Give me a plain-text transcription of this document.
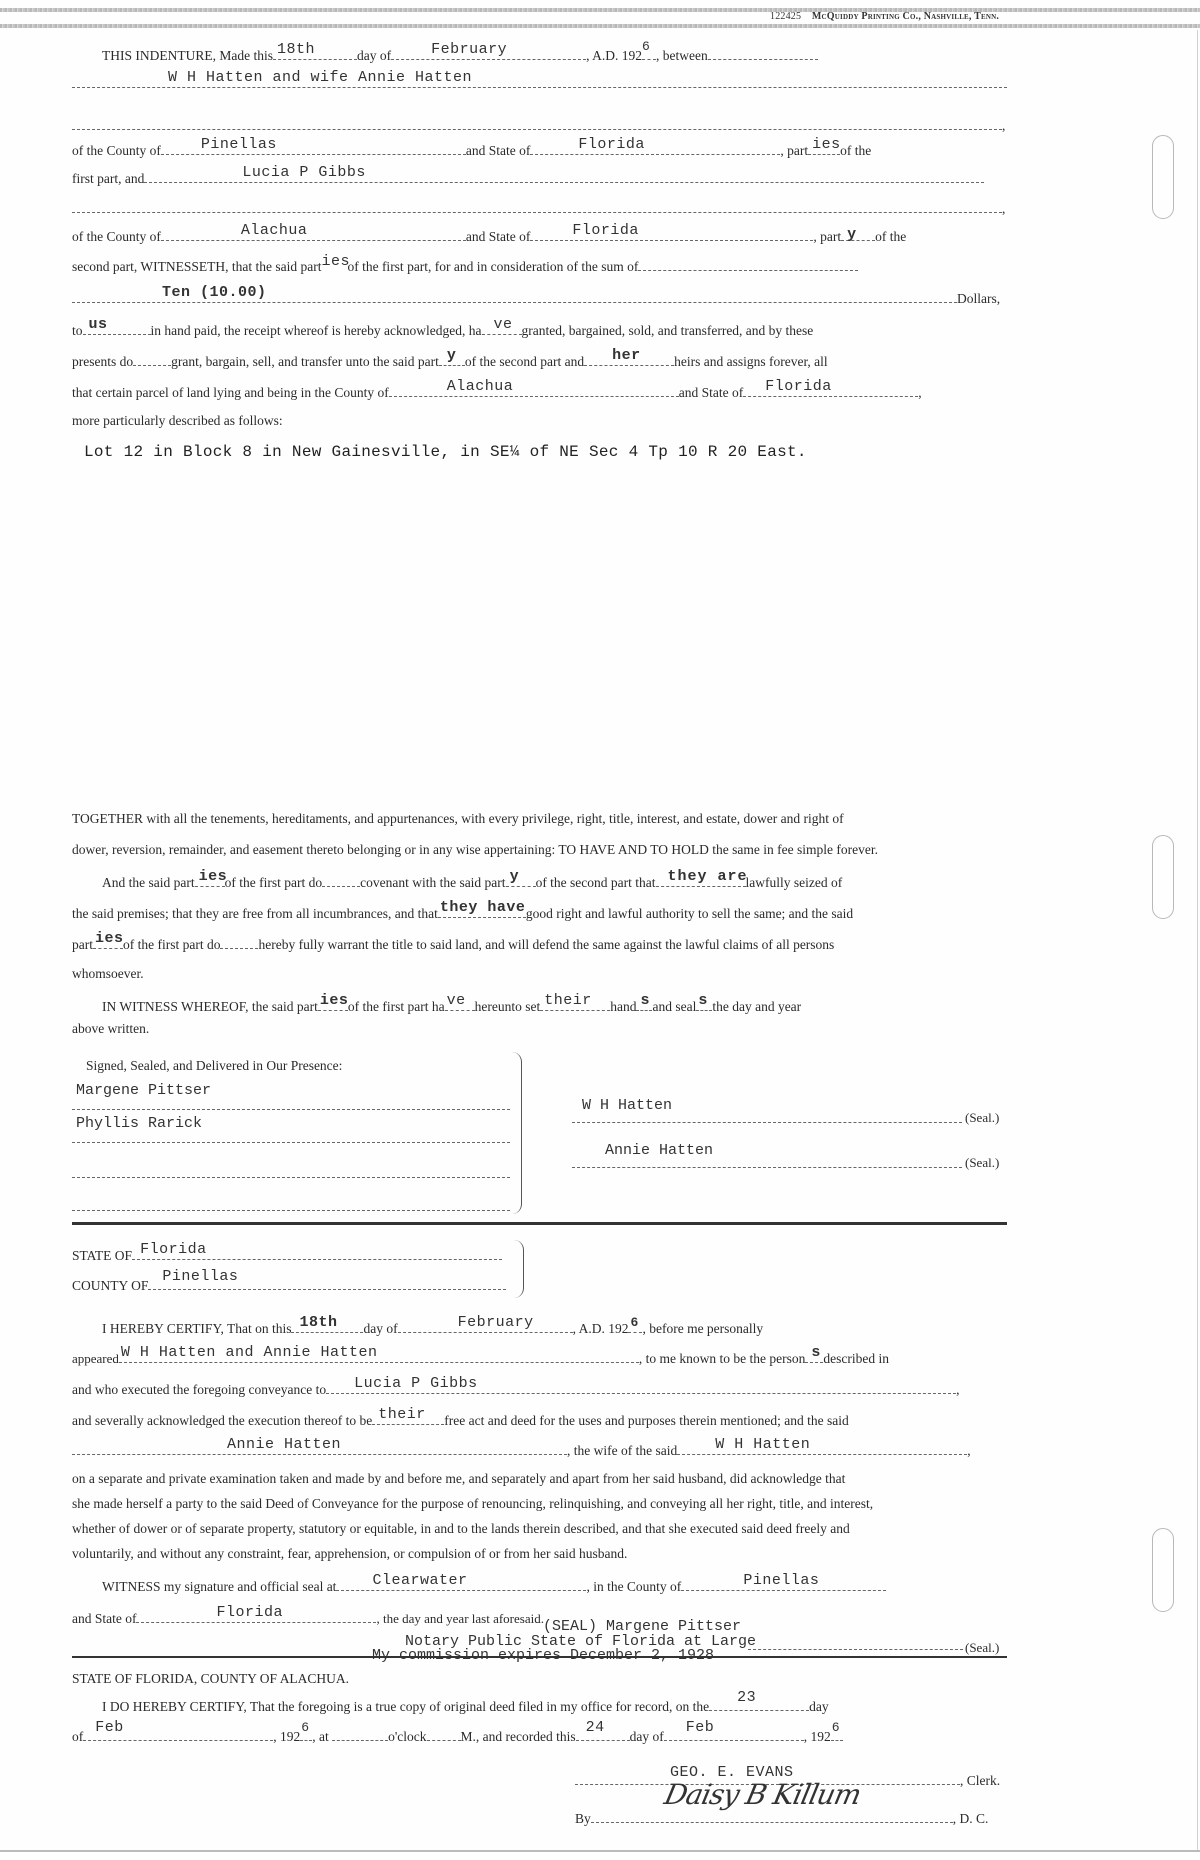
122425 McQuiddy Printing Co., Nashville, Tenn.
THIS INDENTURE, Made this 18th	day of	February	, A.D. 192
6
, between
W H Hatten and wife Annie Hatten
,
of the County of	Pinellas	and State of	Florida	, part ies of the
first part, and	Lucia P Gibbs
,
of the County of	Alachua	and State of	Florida	, part y of the
second part, WITNESSETH, that the said part ies
of the first part, for and in consideration of the sum of
Ten (10.00)	Dollars,
to us	in hand paid, the receipt whereof is hereby acknowledged, ha ve granted, bargained, sold, and transferred, and by these
presents do	grant, bargain, sell, and transfer unto the said part y of the second part and her heirs and assigns forever, all
that certain parcel of land lying and being in the County of	Alachua	and State of Florida	,
more particularly described as follows:
Lot 12 in Block 8 in New Gainesville, in SE¼ of NE Sec 4 Tp 10 R 20 East.
TOGETHER with all the tenements, hereditaments, and appurtenances, with every privilege, right, title, interest, and estate, dower and right of
dower, reversion, remainder, and easement thereto belonging or in any wise appertaining: TO HAVE AND TO HOLD the same in fee simple forever.
And the said part ies
of the first part do	covenant with the said part y of the second part that they are
lawfully seized of
the said premises; that they are free from all incumbrances, and that they have good right and lawful authority to sell the same; and the said
part ies of the first part do	hereby fully warrant the title to said land, and will defend the same against the lawful claims of all persons
whomsoever.
IN WITNESS WHEREOF, the said part ies of the first part ha ve hereunto set their hand s and seal s the day and year
above written.
Signed, Sealed, and Delivered in Our Presence:
Margene Pittser
Phyllis Rarick
W H Hatten
(Seal.)
Annie Hatten
(Seal.)
STATE OF Florida
COUNTY OF
Pinellas
I HEREBY CERTIFY, That on this 18th day of	February	, A.D. 192 6 , before me personally
appeared W H Hatten and Annie Hatten	, to me known to be the person s described in
and who executed the foregoing conveyance to Lucia P Gibbs	,
and severally acknowledged the execution thereof to be their free act and deed for the uses and purposes therein mentioned; and the said
Annie Hatten	, the wife of the said	W H Hatten	,
on a separate and private examination taken and made by and before me, and separately and apart from her said husband, did acknowledge that
she made herself a party to the said Deed of Conveyance for the purpose of renouncing, relinquishing, and conveying all her right, title, and interest,
whether of dower or of separate property, statutory or equitable, in and to the lands therein described, and that she executed said deed freely and
voluntarily, and without any constraint, fear, apprehension, or compulsion of or from her said husband.
WITNESS my signature and official seal at Clearwater	, in the County of	Pinellas
and State of	Florida	, the day and year last aforesaid. (SEAL) Margene Pittser
Notary Public State of Florida at Large	(Seal.)
My commission expires December 2, 1928
STATE OF FLORIDA, COUNTY OF ALACHUA.
I DO HEREBY CERTIFY, That the foregoing is a true copy of original deed filed in my office for record, on the
23
day
of
Feb
, 192
6
, at	o'clock	M., and recorded this
24
day of
Feb
, 192
6
GEO. E. EVANS	, Clerk.
By	, D. C.
Daisy B Killum
